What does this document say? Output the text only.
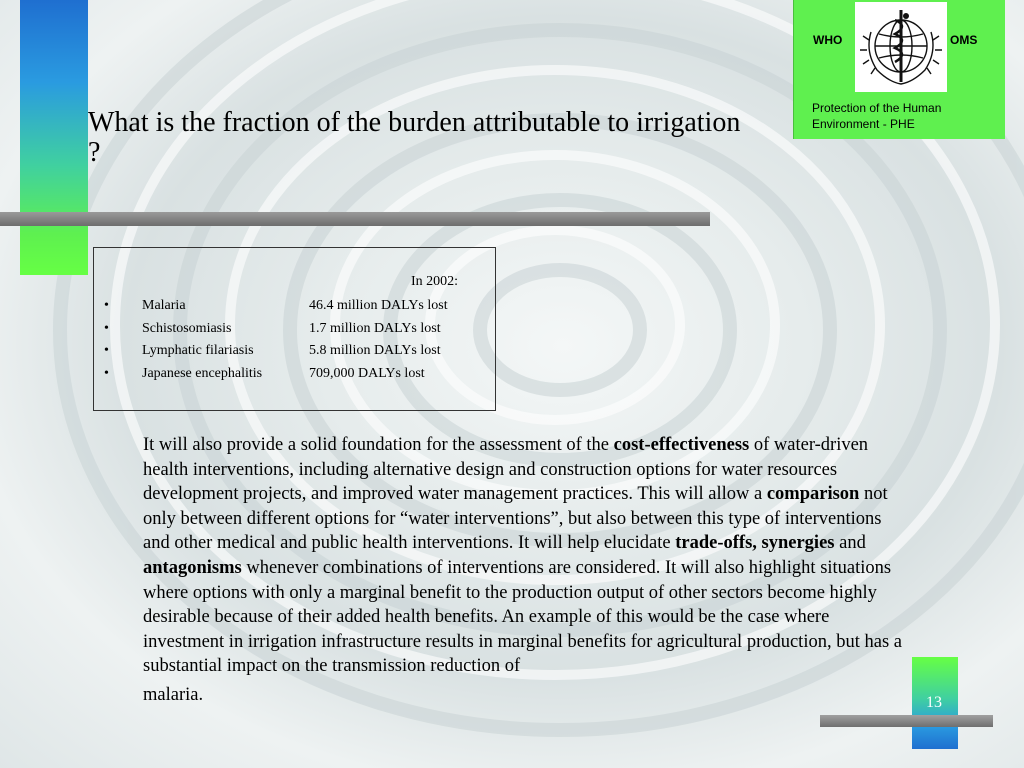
WHO	OMS
Protection of the Human Environment - PHE
What is the fraction of the burden attributable to irrigation ?
In 2002:
• Malaria	46.4 million DALYs lost
• Schistosomiasis	1.7 million DALYs lost
• Lymphatic filariasis	5.8 million DALYs lost
• Japanese encephalitis	709,000 DALYs lost
It will also provide a solid foundation for the assessment of the cost-effectiveness of water-driven health interventions, including alternative design and construction options for water resources development projects, and improved water management practices. This will allow a comparison not only between different options for “water interventions”, but also between this type of interventions and other medical and public health interventions. It will help elucidate trade-offs, synergies and antagonisms whenever combinations of interventions are considered. It will also highlight situations where options with only a marginal benefit to the production output of other sectors become highly desirable because of their added health benefits. An example of this would be the case where investment in irrigation infrastructure results in marginal benefits for agricultural production, but has a substantial impact on the transmission reduction of
malaria.	13
